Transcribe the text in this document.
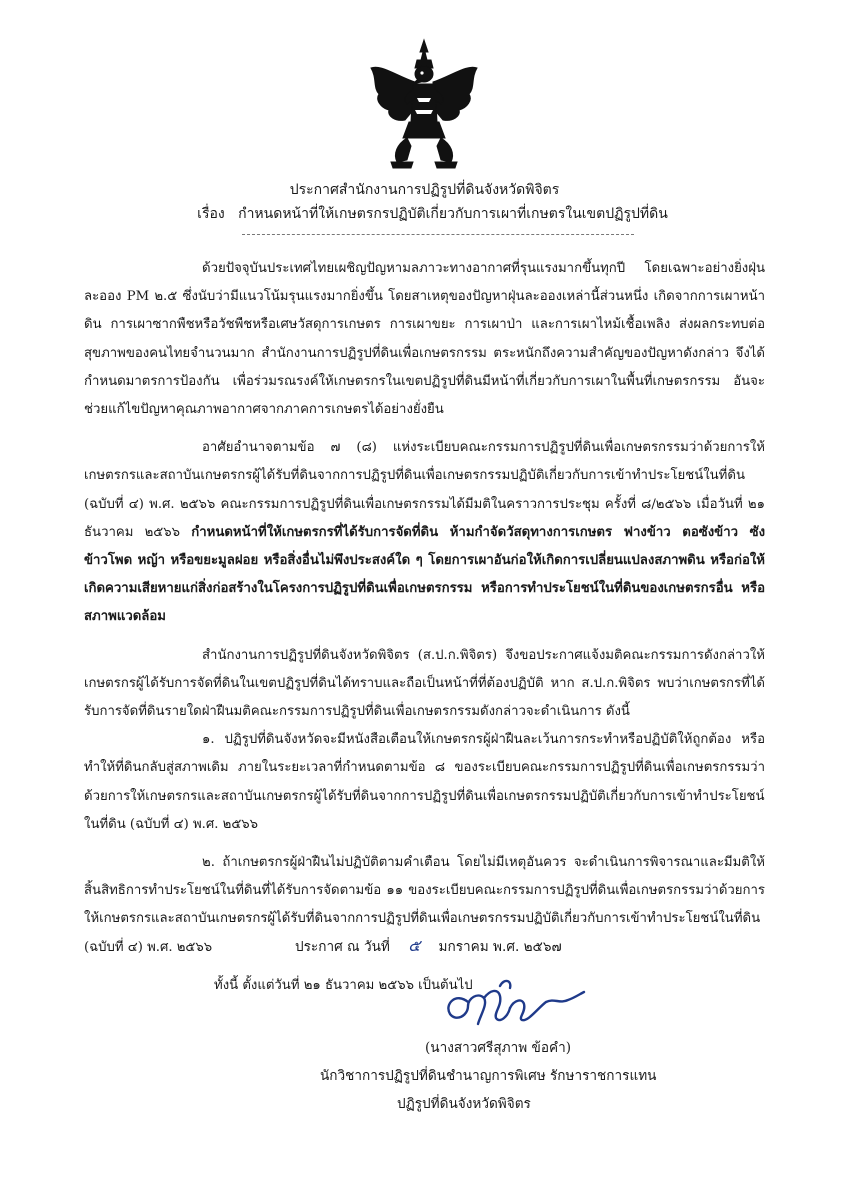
ประกาศสำนักงานการปฏิรูปที่ดินจังหวัดพิจิตร
เรื่อง กำหนดหน้าที่ให้เกษตรกรปฏิบัติเกี่ยวกับการเผาที่เกษตรในเขตปฏิรูปที่ดิน

ด้วยปัจจุบันประเทศไทยเผชิญปัญหามลภาวะทางอากาศที่รุนแรงมากขึ้นทุกปี โดยเฉพาะอย่างยิ่งฝุ่นละออง PM ๒.๕ ซึ่งนับว่ามีแนวโน้มรุนแรงมากยิ่งขึ้น โดยสาเหตุของปัญหาฝุ่นละอองเหล่านี้ส่วนหนึ่ง เกิดจากการเผาหน้าดิน การเผาซากพืชหรือวัชพืชหรือเศษวัสดุการเกษตร การเผาขยะ การเผาป่า และการเผาไหม้เชื้อเพลิง ส่งผลกระทบต่อสุขภาพของคนไทยจำนวนมาก สำนักงานการปฏิรูปที่ดินเพื่อเกษตรกรรม ตระหนักถึงความสำคัญของปัญหาดังกล่าว จึงได้กำหนดมาตรการป้องกัน เพื่อร่วมรณรงค์ให้เกษตรกรในเขตปฏิรูปที่ดินมีหน้าที่เกี่ยวกับการเผาในพื้นที่เกษตรกรรม อันจะช่วยแก้ไขปัญหาคุณภาพอากาศจากภาคการเกษตรได้อย่างยั่งยืน

อาศัยอำนาจตามข้อ ๗ (๘) แห่งระเบียบคณะกรรมการปฏิรูปที่ดินเพื่อเกษตรกรรมว่าด้วยการให้เกษตรกรและสถาบันเกษตรกรผู้ได้รับที่ดินจากการปฏิรูปที่ดินเพื่อเกษตรกรรมปฏิบัติเกี่ยวกับการเข้าทำประโยชน์ในที่ดิน (ฉบับที่ ๔) พ.ศ. ๒๕๖๖ คณะกรรมการปฏิรูปที่ดินเพื่อเกษตรกรรมได้มีมติในคราวการประชุม ครั้งที่ ๘/๒๕๖๖ เมื่อวันที่ ๒๑ ธันวาคม ๒๕๖๖ กำหนดหน้าที่ให้เกษตรกรที่ได้รับการจัดที่ดิน ห้ามกำจัดวัสดุทางการเกษตร ฟางข้าว ตอซังข้าว ซังข้าวโพด หญ้า หรือขยะมูลฝอย หรือสิ่งอื่นไม่พึงประสงค์ใด ๆ โดยการเผาอันก่อให้เกิดการเปลี่ยนแปลงสภาพดิน หรือก่อให้เกิดความเสียหายแก่สิ่งก่อสร้างในโครงการปฏิรูปที่ดินเพื่อเกษตรกรรม หรือการทำประโยชน์ในที่ดินของเกษตรกรอื่น หรือสภาพแวดล้อม

สำนักงานการปฏิรูปที่ดินจังหวัดพิจิตร (ส.ป.ก.พิจิตร) จึงขอประกาศแจ้งมติคณะกรรมการดังกล่าวให้เกษตรกรผู้ได้รับการจัดที่ดินในเขตปฏิรูปที่ดินได้ทราบและถือเป็นหน้าที่ที่ต้องปฏิบัติ หาก ส.ป.ก.พิจิตร พบว่าเกษตรกรที่ได้รับการจัดที่ดินรายใดฝ่าฝืนมติคณะกรรมการปฏิรูปที่ดินเพื่อเกษตรกรรมดังกล่าวจะดำเนินการ ดังนี้

๑. ปฏิรูปที่ดินจังหวัดจะมีหนังสือเตือนให้เกษตรกรผู้ฝ่าฝืนละเว้นการกระทำหรือปฏิบัติให้ถูกต้อง หรือทำให้ที่ดินกลับสู่สภาพเดิม ภายในระยะเวลาที่กำหนดตามข้อ ๘ ของระเบียบคณะกรรมการปฏิรูปที่ดินเพื่อเกษตรกรรมว่าด้วยการให้เกษตรกรและสถาบันเกษตรกรผู้ได้รับที่ดินจากการปฏิรูปที่ดินเพื่อเกษตรกรรมปฏิบัติเกี่ยวกับการเข้าทำประโยชน์ในที่ดิน (ฉบับที่ ๔) พ.ศ. ๒๕๖๖

๒. ถ้าเกษตรกรผู้ฝ่าฝืนไม่ปฏิบัติตามคำเตือน โดยไม่มีเหตุอันควร จะดำเนินการพิจารณาและมีมติให้สิ้นสิทธิการทำประโยชน์ในที่ดินที่ได้รับการจัดตามข้อ ๑๑ ของระเบียบคณะกรรมการปฏิรูปที่ดินเพื่อเกษตรกรรมว่าด้วยการให้เกษตรกรและสถาบันเกษตรกรผู้ได้รับที่ดินจากการปฏิรูปที่ดินเพื่อเกษตรกรรมปฏิบัติเกี่ยวกับการเข้าทำประโยชน์ในที่ดิน (ฉบับที่ ๔) พ.ศ. ๒๕๖๖

ทั้งนี้ ตั้งแต่วันที่ ๒๑ ธันวาคม ๒๕๖๖ เป็นต้นไป
ประกาศ ณ วันที่ ๕ มกราคม พ.ศ. ๒๕๖๗
(นางสาวศรีสุภาพ ข้อคำ)
นักวิชาการปฏิรูปที่ดินชำนาญการพิเศษ รักษาราชการแทน
ปฏิรูปที่ดินจังหวัดพิจิตร
